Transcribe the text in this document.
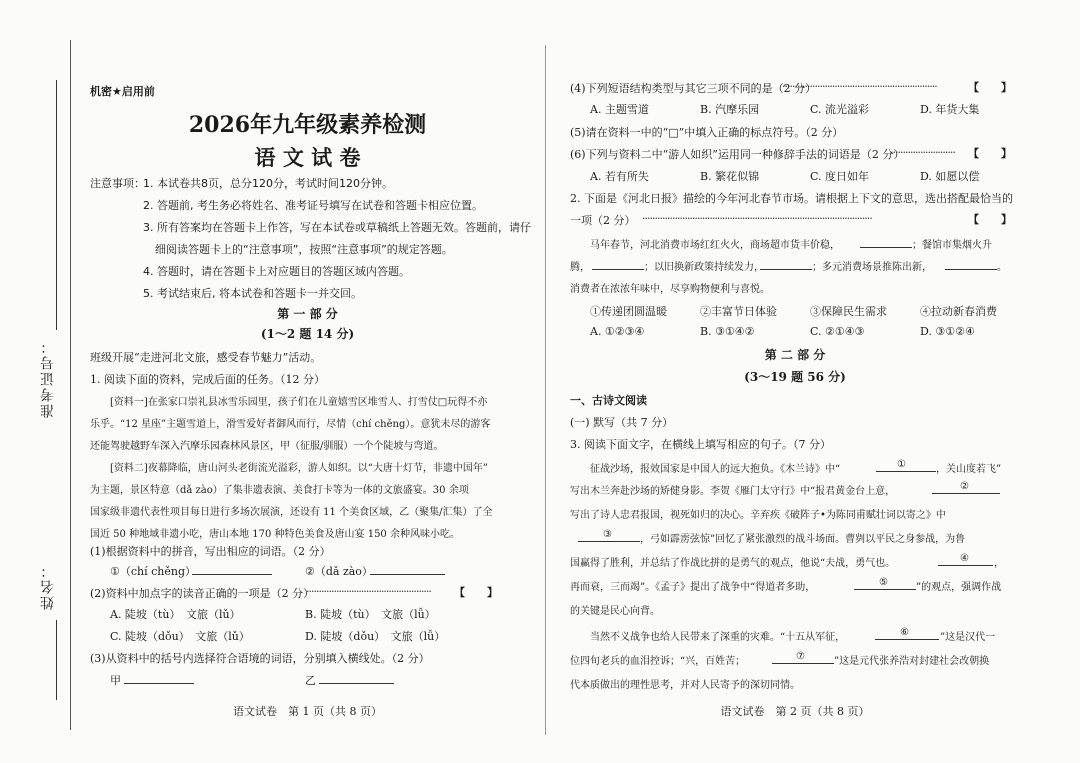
准考证号：
姓名：
机密★启用前
2026年九年级素养检测
语 文 试 卷
注意事项：
1. 本试卷共8页，总分120分，考试时间120分钟。
2. 答题前, 考生务必将姓名、准考证号填写在试卷和答题卡相应位置。
3. 所有答案均在答题卡上作答，写在本试卷或草稿纸上答题无效。答题前，请仔
细阅读答题卡上的“注意事项”，按照“注意事项”的规定答题。
4. 答题时，请在答题卡上对应题目的答题区域内答题。
5. 考试结束后, 将本试卷和答题卡一并交回。
第 一 部 分
(1～2 题 14 分)
班级开展“走进河北文旅，感受春节魅力”活动。
1. 阅读下面的资料，完成后面的任务。（12 分）
[资料一]在张家口崇礼县冰雪乐园里，孩子们在儿童嬉雪区堆雪人、打雪仗□玩得不亦
乐乎。“12 星座”主题雪道上，滑雪爱好者御风而行，尽情（chí chěng）。意犹未尽的游客
还能驾驶越野车深入汽摩乐园森林风景区，甲（征服/驯服）一个个陡坡与弯道。
[资料二]夜幕降临，唐山河头老街流光溢彩，游人如织。以“大唐十灯节，非遗中国年”
为主题，景区特意（dǎ zào）了集非遗表演、美食打卡等为一体的文旅盛宴。30 余项
国家级非遗代表性项目每日进行多场次展演，还设有 11 个美食区域，乙（聚集/汇集）了全
国近 50 种地域非遗小吃，唐山本地 170 种特色美食及唐山宴 150 余种风味小吃。
(1)根据资料中的拼音，写出相应的词语。（2 分）
①（chí chěng）	②（dǎ zào）
(2)资料中加点字的读音正确的一项是（2 分）
··················································	【　　】
A. 陡坡（tù）　文旅（lǔ）	B. 陡坡（tù）　文旅（lǚ）
C. 陡坡（dǒu）　文旅（lǔ）	D. 陡坡（dǒu）　文旅（lǚ）
(3)从资料中的括号内选择符合语境的词语，分别填入横线处。（2 分）
甲	乙
语文试卷　第 1 页（共 8 页）
(4)下列短语结构类型与其它三项不同的是（2 分）
······························································	【　　】
A. 主题雪道	B. 汽摩乐园	C. 流光溢彩	D. 年货大集
(5)请在资料一中的“□”中填入正确的标点符号。（2 分）
(6)下列与资料二中“游人如织”运用同一种修辞手法的词语是（2 分）
··························	【　　】
A. 若有所失	B. 繁花似锦	C. 度日如年	D. 如愿以偿
2. 下面是《河北日报》描绘的今年河北春节市场。请根据上下文的意思，选出搭配最恰当的
一项（2 分） ····························································································	【　　】
马年春节，河北消费市场红红火火，商场超市货丰价稳，	；餐馆市集烟火升
腾，	；以旧换新政策持续发力，	；多元消费场景推陈出新，	。
消费者在浓浓年味中，尽享购物便利与喜悦。
①传递团圆温暖	②丰富节日体验	③保障民生需求	④拉动新春消费
A. ①②③④	B. ③①④②	C. ②①④③	D. ③①②④
第 二 部 分
(3～19 题 56 分)
一、古诗文阅读
(一) 默写（共 7 分）
3. 阅读下面文字，在横线上填写相应的句子。（7 分）
征战沙场，报效国家是中国人的远大抱负。《木兰诗》中“	①	，关山度若飞”
写出木兰奔赴沙场的矫健身影。李贺《雁门太守行》中“报君黄金台上意，	②
写出了诗人忠君报国，视死如归的决心。辛弃疾《破阵子•为陈同甫赋壮词以寄之》中
③	，弓如霹雳弦惊”回忆了紧张激烈的战斗场面。曹刿以平民之身参战，为鲁
国赢得了胜利，并总结了作战比拼的是勇气的观点，他说“夫战，勇气也。	④	，
再而衰，三而竭”。《孟子》提出了战争中“得道者多助，	⑤	”的观点，强调作战
的关键是民心向背。
当然不义战争也给人民带来了深重的灾难。“十五从军征，	⑥	”这是汉代一
位四旬老兵的血泪控诉；“兴，百姓苦；	⑦	”这是元代张养浩对封建社会改朝换
代本质做出的理性思考，并对人民寄予的深切同情。
语文试卷　第 2 页（共 8 页）
